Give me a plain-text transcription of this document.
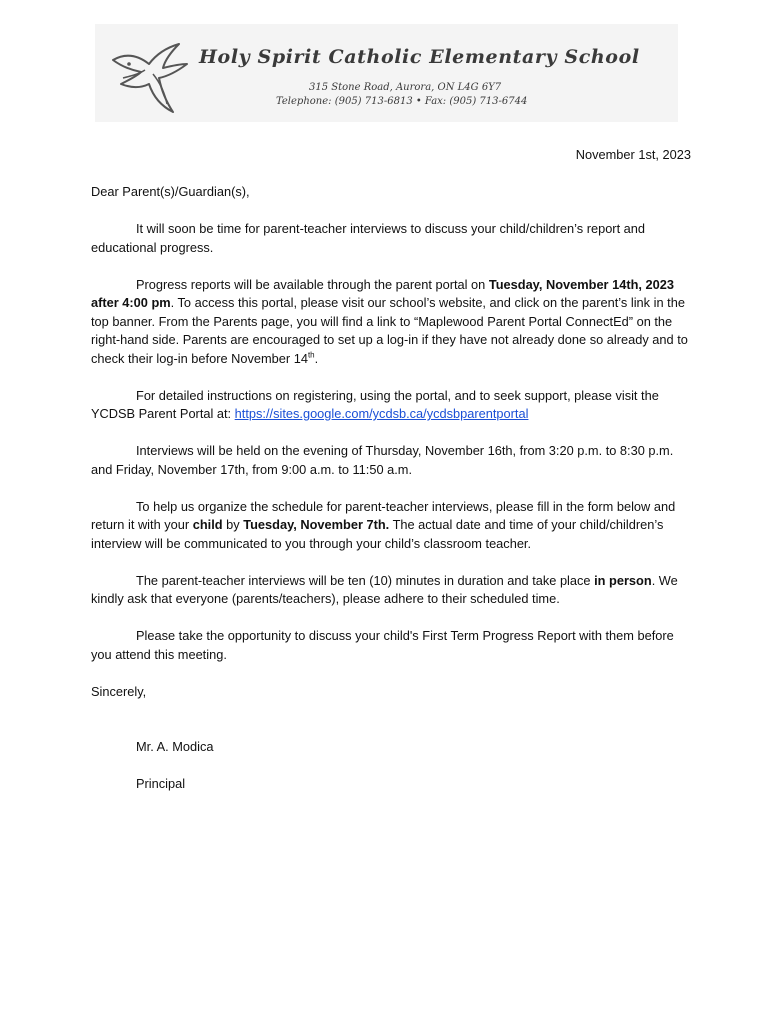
Holy Spirit Catholic Elementary School
315 Stone Road, Aurora, ON L4G 6Y7
Telephone: (905) 713-6813 • Fax: (905) 713-6744

November 1st, 2023

Dear Parent(s)/Guardian(s),

It will soon be time for parent-teacher interviews to discuss your child/children’s report and educational progress.

Progress reports will be available through the parent portal on Tuesday, November 14th, 2023 after 4:00 pm. To access this portal, please visit our school’s website, and click on the parent’s link in the top banner. From the Parents page, you will find a link to “Maplewood Parent Portal ConnectEd” on the right-hand side. Parents are encouraged to set up a log-in if they have not already done so already and to check their log-in before November 14th.

For detailed instructions on registering, using the portal, and to seek support, please visit the YCDSB Parent Portal at: https://sites.google.com/ycdsb.ca/ycdsbparentportal

Interviews will be held on the evening of Thursday, November 16th, from 3:20 p.m. to 8:30 p.m. and Friday, November 17th, from 9:00 a.m. to 11:50 a.m.

To help us organize the schedule for parent-teacher interviews, please fill in the form below and return it with your child by Tuesday, November 7th. The actual date and time of your child/children’s interview will be communicated to you through your child’s classroom teacher.

The parent-teacher interviews will be ten (10) minutes in duration and take place in person. We kindly ask that everyone (parents/teachers), please adhere to their scheduled time.

Please take the opportunity to discuss your child's First Term Progress Report with them before you attend this meeting.

Sincerely,

Mr. A. Modica

Principal
